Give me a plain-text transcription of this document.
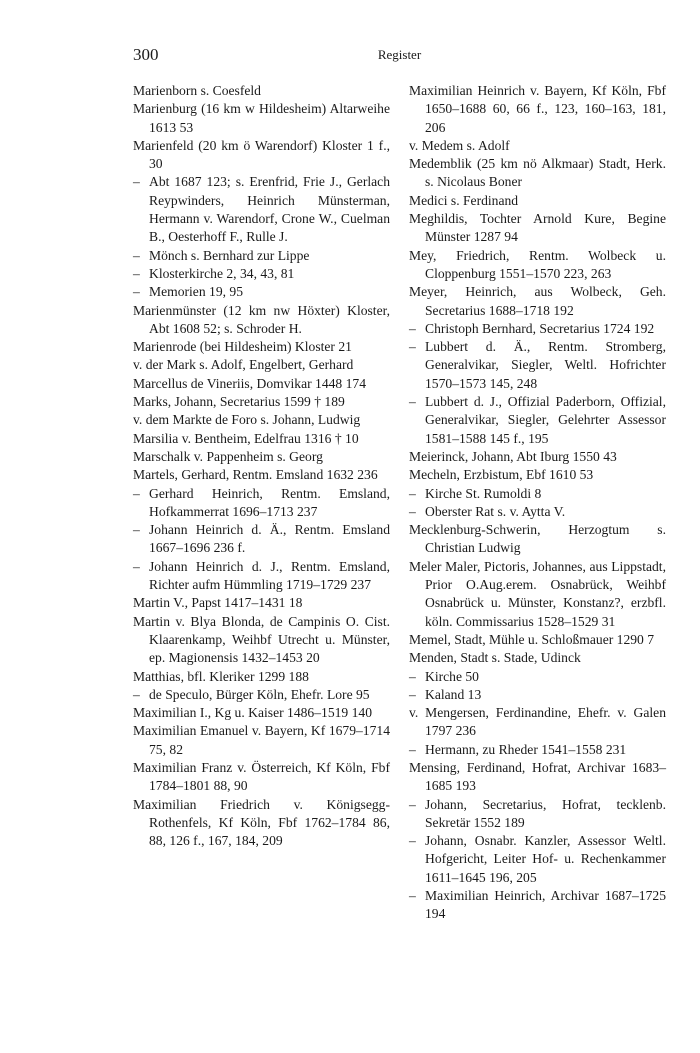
300	Register

Marienborn s. Coesfeld

Marienburg (16 km w Hildesheim) Altarweihe 1613 53

Marienfeld (20 km ö Warendorf) Kloster 1 f., 30

– Abt 1687 123; s. Erenfrid, Frie J., Gerlach Reypwinders, Heinrich Münsterman, Hermann v. Warendorf, Crone W., Cuelman B., Oesterhoff F., Rulle J.

– Mönch s. Bernhard zur Lippe

– Klosterkirche 2, 34, 43, 81

– Memorien 19, 95

Marienmünster (12 km nw Höxter) Kloster, Abt 1608 52; s. Schroder H.

Marienrode (bei Hildesheim) Kloster 21

v. der Mark s. Adolf, Engelbert, Gerhard

Marcellus de Vineriis, Domvikar 1448 174

Marks, Johann, Secretarius 1599 † 189

v. dem Markte de Foro s. Johann, Ludwig

Marsilia v. Bentheim, Edelfrau 1316 † 10

Marschalk v. Pappenheim s. Georg

Martels, Gerhard, Rentm. Emsland 1632 236

– Gerhard Heinrich, Rentm. Emsland, Hofkammerrat 1696–1713 237

– Johann Heinrich d. Ä., Rentm. Emsland 1667–1696 236 f.

– Johann Heinrich d. J., Rentm. Emsland, Richter aufm Hümmling 1719–1729 237

Martin V., Papst 1417–1431 18

Martin v. Blya Blonda, de Campinis O. Cist. Klaarenkamp, Weihbf Utrecht u. Münster, ep. Magionensis 1432–1453 20

Matthias, bfl. Kleriker 1299 188

– de Speculo, Bürger Köln, Ehefr. Lore 95

Maximilian I., Kg u. Kaiser 1486–1519 140

Maximilian Emanuel v. Bayern, Kf 1679–1714 75, 82

Maximilian Franz v. Österreich, Kf Köln, Fbf 1784–1801 88, 90

Maximilian Friedrich v. Königsegg-Rothenfels, Kf Köln, Fbf 1762–1784 86, 88, 126 f., 167, 184, 209

Maximilian Heinrich v. Bayern, Kf Köln, Fbf 1650–1688 60, 66 f., 123, 160–163, 181, 206

v. Medem s. Adolf

Medemblik (25 km nö Alkmaar) Stadt, Herk. s. Nicolaus Boner

Medici s. Ferdinand

Meghildis, Tochter Arnold Kure, Begine Münster 1287 94

Mey, Friedrich, Rentm. Wolbeck u. Cloppenburg 1551–1570 223, 263

Meyer, Heinrich, aus Wolbeck, Geh. Secretarius 1688–1718 192

– Christoph Bernhard, Secretarius 1724 192

– Lubbert d. Ä., Rentm. Stromberg, Generalvikar, Siegler, Weltl. Hofrichter 1570–1573 145, 248

– Lubbert d. J., Offizial Paderborn, Offizial, Generalvikar, Siegler, Gelehrter Assessor 1581–1588 145 f., 195

Meierinck, Johann, Abt Iburg 1550 43

Mecheln, Erzbistum, Ebf 1610 53

– Kirche St. Rumoldi 8

– Oberster Rat s. v. Aytta V.

Mecklenburg-Schwerin, Herzogtum s. Christian Ludwig

Meler Maler, Pictoris, Johannes, aus Lippstadt, Prior O.Aug.erem. Osnabrück, Weihbf Osnabrück u. Münster, Konstanz?, erzbfl. köln. Commissarius 1528–1529 31

Memel, Stadt, Mühle u. Schloßmauer 1290 7

Menden, Stadt s. Stade, Udinck

– Kirche 50

– Kaland 13

v. Mengersen, Ferdinandine, Ehefr. v. Galen 1797 236

– Hermann, zu Rheder 1541–1558 231

Mensing, Ferdinand, Hofrat, Archivar 1683–1685 193

– Johann, Secretarius, Hofrat, tecklenb. Sekretär 1552 189

– Johann, Osnabr. Kanzler, Assessor Weltl. Hofgericht, Leiter Hof- u. Rechenkammer 1611–1645 196, 205

– Maximilian Heinrich, Archivar 1687–1725 194
